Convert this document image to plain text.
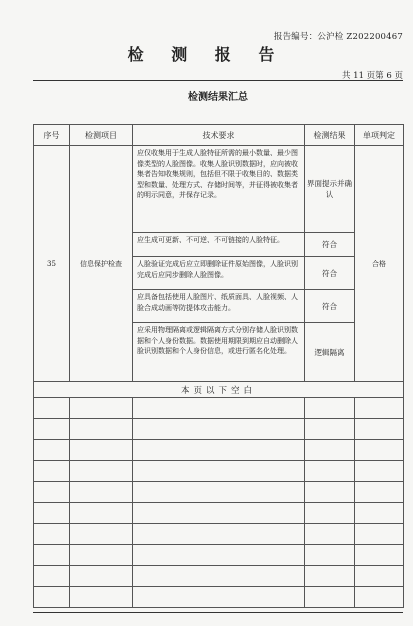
报告编号：公沪检 Z202200467
检 测 报 告
共 11 页第 6 页
检测结果汇总
序号	检测项目	技术要求	检测结果	单项判定
35	信息保护检查	应仅收集用于生成人脸特征所需的最小数量、最少图像类型的人脸图像。收集人脸识别数据时，应向被收集者告知收集规则，包括但不限于收集目的、数据类型和数量、处理方式、存储时间等，并征得被收集者的明示同意，并保存记录。	界面提示并确认	合格
		应生成可更新、不可逆、不可链接的人脸特征。	符合	
		人脸验证完成后应立即删除证件原始图像，人脸识别完成后应同步删除人脸图像。	符合	
		应具备包括使用人脸图片、纸质面具、人脸视频、人脸合成动画等防提体攻击能力。	符合	
		应采用物理隔离或逻辑隔离方式分别存储人脸识别数据和个人身份数据。数据使用期限到期应自动删除人脸识别数据和个人身份信息，或进行匿名化处理。	逻辑隔离	
本页以下空白				
